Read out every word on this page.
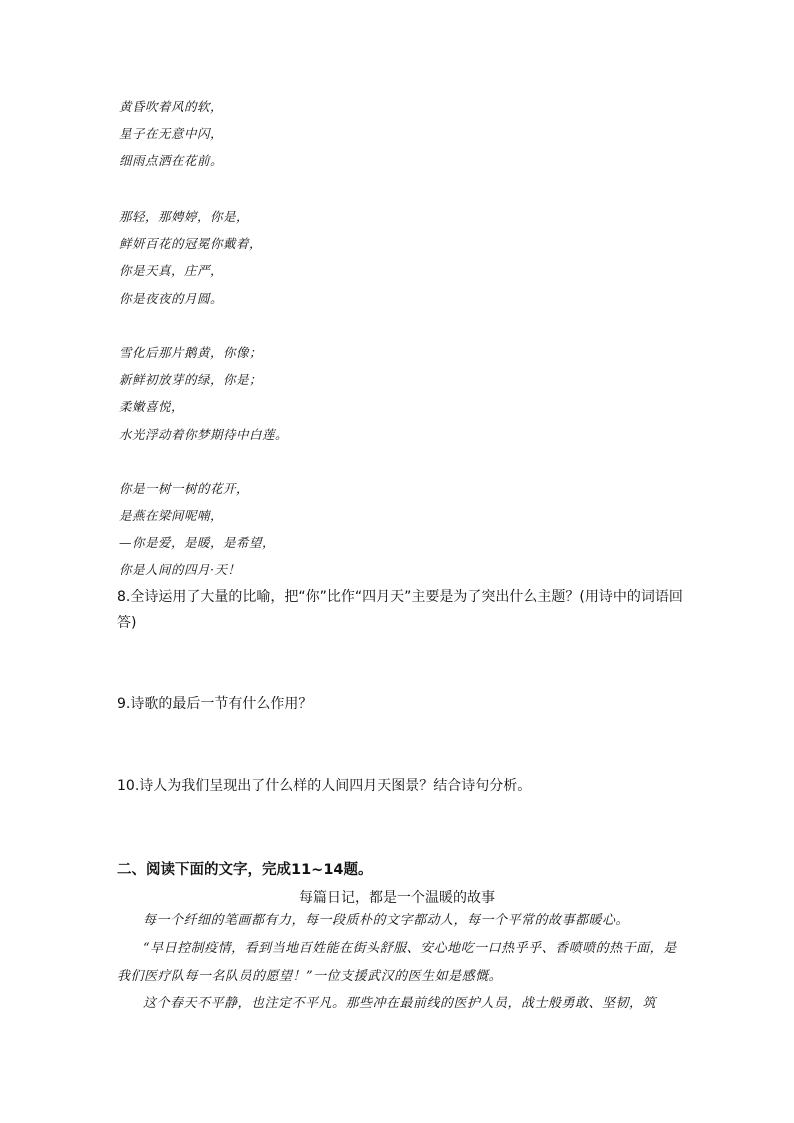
黄昏吹着风的软，
星子在无意中闪，
细雨点洒在花前。
那轻，那娉婷，你是，
鲜妍百花的冠冕你戴着，
你是天真，庄严，
你是夜夜的月圆。
雪化后那片鹅黄，你像；
新鲜初放芽的绿，你是；
柔嫩喜悦，
水光浮动着你梦期待中白莲。
你是一树一树的花开，
是燕在梁间呢喃，
—你是爱，是暖，是希望，
你是人间的四月·天！
8.全诗运用了大量的比喻，把“你”比作“四月天”主要是为了突出什么主题？(用诗中的词语回答)
9.诗歌的最后一节有什么作用？
10.诗人为我们呈现出了什么样的人间四月天图景？结合诗句分析。
二、阅读下面的文字，完成11~14题。
每篇日记，都是一个温暖的故事
每一个纤细的笔画都有力，每一段质朴的文字都动人，每一个平常的故事都暖心。
“早日控制疫情，看到当地百姓能在街头舒服、安心地吃一口热乎乎、香喷喷的热干面，是我们医疗队每一名队员的愿望！”一位支援武汉的医生如是感慨。
这个春天不平静，也注定不平凡。那些冲在最前线的医护人员，战士般勇敢、坚韧，筑
